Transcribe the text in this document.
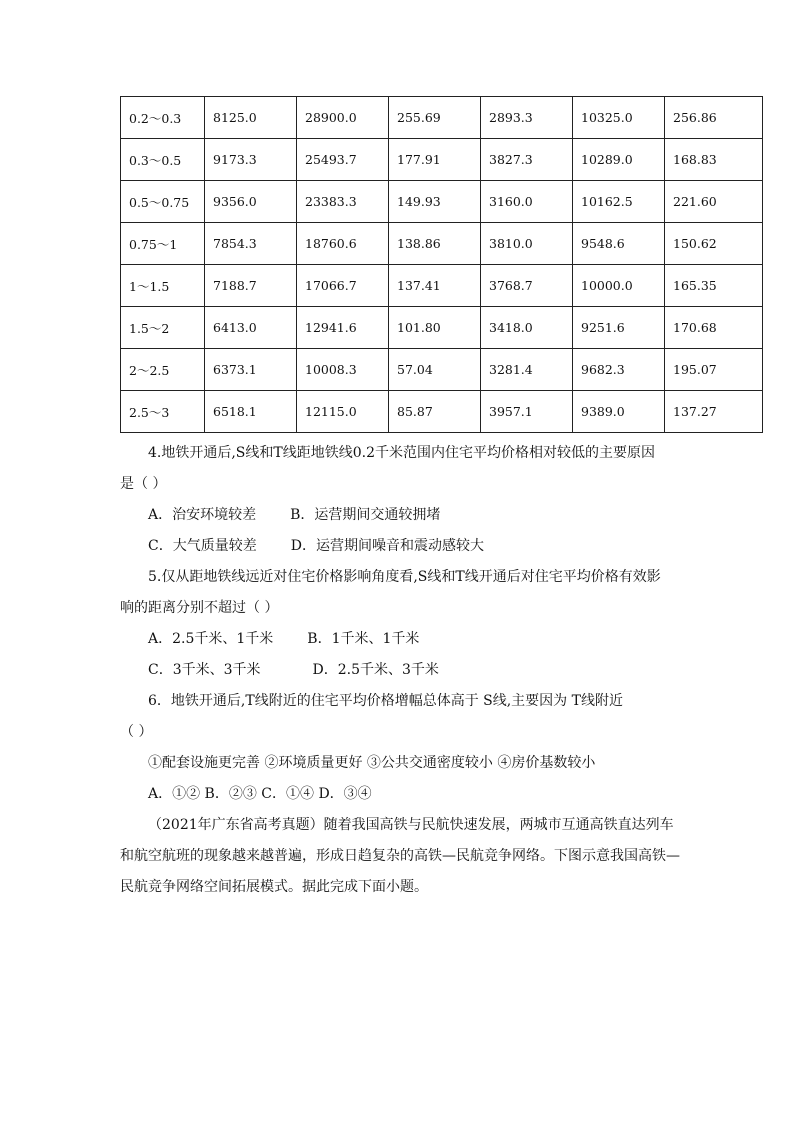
0.2～0.3	8125.0	28900.0	255.69	2893.3	10325.0	256.86
0.3～0.5	9173.3	25493.7	177.91	3827.3	10289.0	168.83
0.5～0.75	9356.0	23383.3	149.93	3160.0	10162.5	221.60
0.75～1	7854.3	18760.6	138.86	3810.0	9548.6	150.62
1～1.5	7188.7	17066.7	137.41	3768.7	10000.0	165.35
1.5～2	6413.0	12941.6	101.80	3418.0	9251.6	170.68
2～2.5	6373.1	10008.3	57.04	3281.4	9682.3	195.07
2.5～3	6518.1	12115.0	85.87	3957.1	9389.0	137.27

4.地铁开通后,S线和T线距地铁线0.2千米范围内住宅平均价格相对较低的主要原因

是（ ）

A．治安环境较差 B．运营期间交通较拥堵

C．大气质量较差 D．运营期间噪音和震动感较大

5.仅从距地铁线远近对住宅价格影响角度看,S线和T线开通后对住宅平均价格有效影

响的距离分别不超过（ ）

A．2.5千米、1千米 B．1千米、1千米

C．3千米、3千米	D．2.5千米、3千米

6．地铁开通后,T线附近的住宅平均价格增幅总体高于 S线,主要因为 T线附近

（ ）

①配套设施更完善 ②环境质量更好 ③公共交通密度较小 ④房价基数较小

A．①② B．②③ C．①④ D．③④

（2021年广东省高考真题）随着我国高铁与民航快速发展，两城市互通高铁直达列车

和航空航班的现象越来越普遍，形成日趋复杂的高铁—民航竞争网络。下图示意我国高铁—

民航竞争网络空间拓展模式。据此完成下面小题。
